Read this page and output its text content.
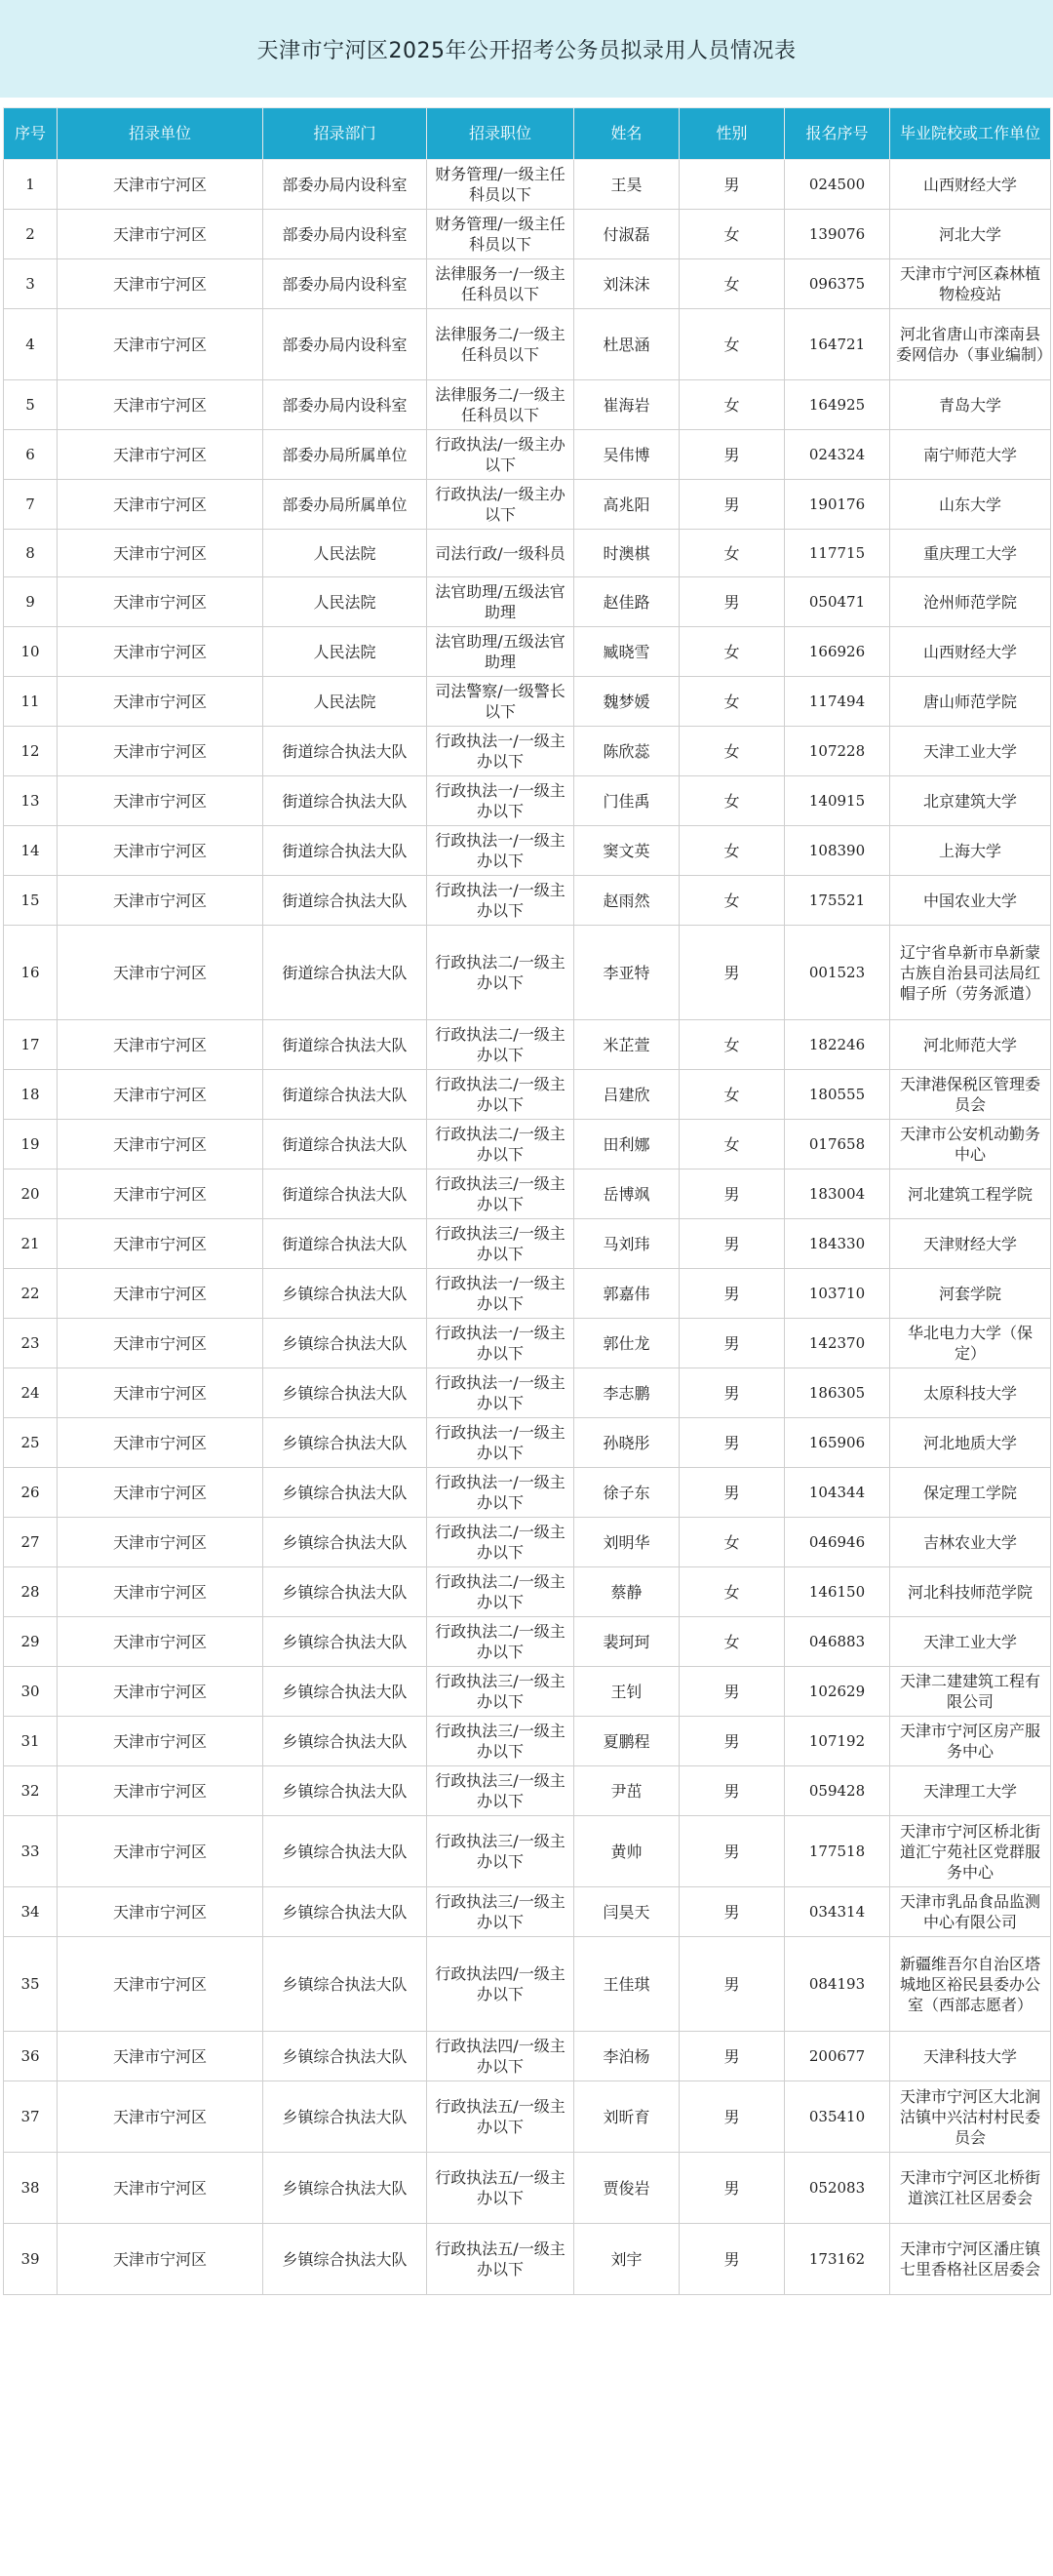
天津市宁河区2025年公开招考公务员拟录用人员情况表
序号	招录单位	招录部门	招录职位	姓名	性别	报名序号	毕业院校或工作单位
1	天津市宁河区	部委办局内设科室	财务管理/一级主任科员以下	王昊	男	024500	山西财经大学
2	天津市宁河区	部委办局内设科室	财务管理/一级主任科员以下	付淑磊	女	139076	河北大学
3	天津市宁河区	部委办局内设科室	法律服务一/一级主任科员以下	刘沫沫	女	096375	天津市宁河区森林植物检疫站
4	天津市宁河区	部委办局内设科室	法律服务二/一级主任科员以下	杜思涵	女	164721	河北省唐山市滦南县委网信办（事业编制）
5	天津市宁河区	部委办局内设科室	法律服务二/一级主任科员以下	崔海岩	女	164925	青岛大学
6	天津市宁河区	部委办局所属单位	行政执法/一级主办以下	吴伟博	男	024324	南宁师范大学
7	天津市宁河区	部委办局所属单位	行政执法/一级主办以下	高兆阳	男	190176	山东大学
8	天津市宁河区	人民法院	司法行政/一级科员	时澳棋	女	117715	重庆理工大学
9	天津市宁河区	人民法院	法官助理/五级法官助理	赵佳路	男	050471	沧州师范学院
10	天津市宁河区	人民法院	法官助理/五级法官助理	臧晓雪	女	166926	山西财经大学
11	天津市宁河区	人民法院	司法警察/一级警长以下	魏梦媛	女	117494	唐山师范学院
12	天津市宁河区	街道综合执法大队	行政执法一/一级主办以下	陈欣蕊	女	107228	天津工业大学
13	天津市宁河区	街道综合执法大队	行政执法一/一级主办以下	门佳禹	女	140915	北京建筑大学
14	天津市宁河区	街道综合执法大队	行政执法一/一级主办以下	窦文英	女	108390	上海大学
15	天津市宁河区	街道综合执法大队	行政执法一/一级主办以下	赵雨然	女	175521	中国农业大学
16	天津市宁河区	街道综合执法大队	行政执法二/一级主办以下	李亚特	男	001523	辽宁省阜新市阜新蒙古族自治县司法局红帽子所（劳务派遣）
17	天津市宁河区	街道综合执法大队	行政执法二/一级主办以下	米芷萱	女	182246	河北师范大学
18	天津市宁河区	街道综合执法大队	行政执法二/一级主办以下	吕建欣	女	180555	天津港保税区管理委员会
19	天津市宁河区	街道综合执法大队	行政执法二/一级主办以下	田利娜	女	017658	天津市公安机动勤务中心
20	天津市宁河区	街道综合执法大队	行政执法三/一级主办以下	岳博飒	男	183004	河北建筑工程学院
21	天津市宁河区	街道综合执法大队	行政执法三/一级主办以下	马刘玮	男	184330	天津财经大学
22	天津市宁河区	乡镇综合执法大队	行政执法一/一级主办以下	郭嘉伟	男	103710	河套学院
23	天津市宁河区	乡镇综合执法大队	行政执法一/一级主办以下	郭仕龙	男	142370	华北电力大学（保定）
24	天津市宁河区	乡镇综合执法大队	行政执法一/一级主办以下	李志鹏	男	186305	太原科技大学
25	天津市宁河区	乡镇综合执法大队	行政执法一/一级主办以下	孙晓彤	男	165906	河北地质大学
26	天津市宁河区	乡镇综合执法大队	行政执法一/一级主办以下	徐子东	男	104344	保定理工学院
27	天津市宁河区	乡镇综合执法大队	行政执法二/一级主办以下	刘明华	女	046946	吉林农业大学
28	天津市宁河区	乡镇综合执法大队	行政执法二/一级主办以下	蔡静	女	146150	河北科技师范学院
29	天津市宁河区	乡镇综合执法大队	行政执法二/一级主办以下	裴珂珂	女	046883	天津工业大学
30	天津市宁河区	乡镇综合执法大队	行政执法三/一级主办以下	王钊	男	102629	天津二建建筑工程有限公司
31	天津市宁河区	乡镇综合执法大队	行政执法三/一级主办以下	夏鹏程	男	107192	天津市宁河区房产服务中心
32	天津市宁河区	乡镇综合执法大队	行政执法三/一级主办以下	尹茁	男	059428	天津理工大学
33	天津市宁河区	乡镇综合执法大队	行政执法三/一级主办以下	黄帅	男	177518	天津市宁河区桥北街道汇宁苑社区党群服务中心
34	天津市宁河区	乡镇综合执法大队	行政执法三/一级主办以下	闫昊天	男	034314	天津市乳品食品监测中心有限公司
35	天津市宁河区	乡镇综合执法大队	行政执法四/一级主办以下	王佳琪	男	084193	新疆维吾尔自治区塔城地区裕民县委办公室（西部志愿者）
36	天津市宁河区	乡镇综合执法大队	行政执法四/一级主办以下	李泊杨	男	200677	天津科技大学
37	天津市宁河区	乡镇综合执法大队	行政执法五/一级主办以下	刘昕育	男	035410	天津市宁河区大北涧沽镇中兴沽村村民委员会
38	天津市宁河区	乡镇综合执法大队	行政执法五/一级主办以下	贾俊岩	男	052083	天津市宁河区北桥街道滨江社区居委会
39	天津市宁河区	乡镇综合执法大队	行政执法五/一级主办以下	刘宇	男	173162	天津市宁河区潘庄镇七里香格社区居委会
